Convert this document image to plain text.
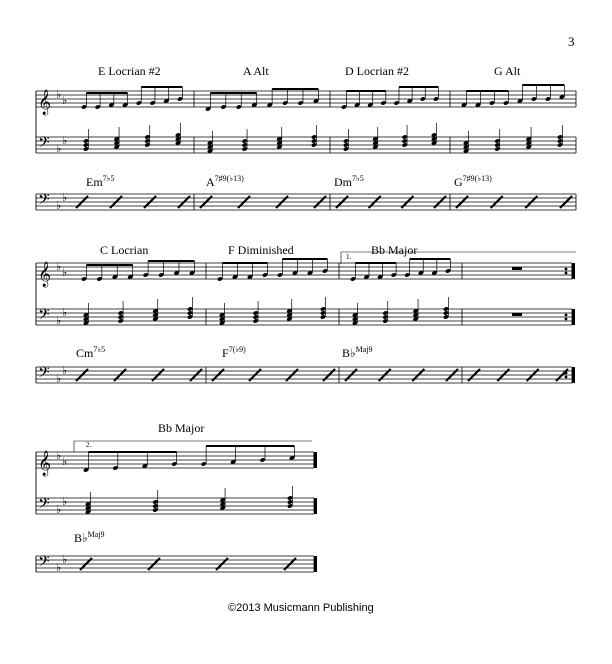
3
E Locrian #2	A Alt	D Locrian #2	G Alt
$Em^{7♭5}$	$A^{7♯9(♭13)}$	$Dm^{7♭5}$	$G^{7♯9(♭13)}$
C Locrian	F Diminished	Bb Major
$Cm^{7♭5}$	$F^{7(♭9)}$	B♭$^{Maj9}$
1.
Bb Major
B♭$^{Maj9}$
2.
©2013 Musicmann Publishing
𝄞
𝄢
𝄢
♭ ♭
♭
♭
♭
♭
𝄞
𝄢
𝄢
♭ ♭
♭
♭
♭
♭
𝄞
𝄢
𝄢
♭ ♭
♭
♭
♭
♭
